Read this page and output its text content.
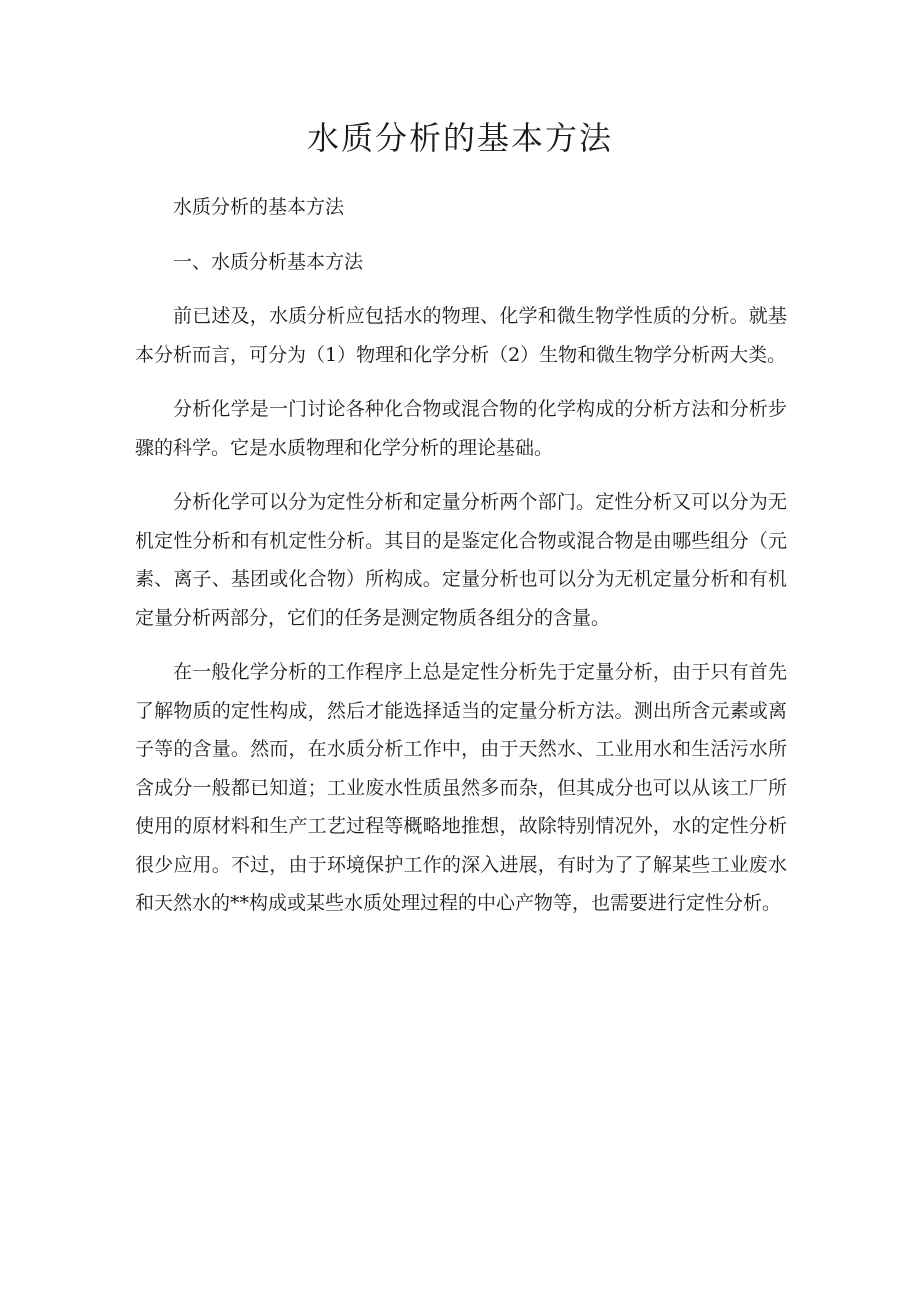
水质分析的基本方法

水质分析的基本方法

一、水质分析基本方法

前已述及，水质分析应包括水的物理、化学和微生物学性质的分析。就基本分析而言，可分为（1）物理和化学分析（2）生物和微生物学分析两大类。

分析化学是一门讨论各种化合物或混合物的化学构成的分析方法和分析步骤的科学。它是水质物理和化学分析的理论基础。

分析化学可以分为定性分析和定量分析两个部门。定性分析又可以分为无机定性分析和有机定性分析。其目的是鉴定化合物或混合物是由哪些组分（元素、离子、基团或化合物）所构成。定量分析也可以分为无机定量分析和有机定量分析两部分，它们的任务是测定物质各组分的含量。

在一般化学分析的工作程序上总是定性分析先于定量分析，由于只有首先了解物质的定性构成，然后才能选择适当的定量分析方法。测出所含元素或离子等的含量。然而，在水质分析工作中，由于天然水、工业用水和生活污水所含成分一般都已知道；工业废水性质虽然多而杂，但其成分也可以从该工厂所使用的原材料和生产工艺过程等概略地推想，故除特别情况外，水的定性分析很少应用。不过，由于环境保护工作的深入进展，有时为了了解某些工业废水和天然水的**构成或某些水质处理过程的中心产物等，也需要进行定性分析。
